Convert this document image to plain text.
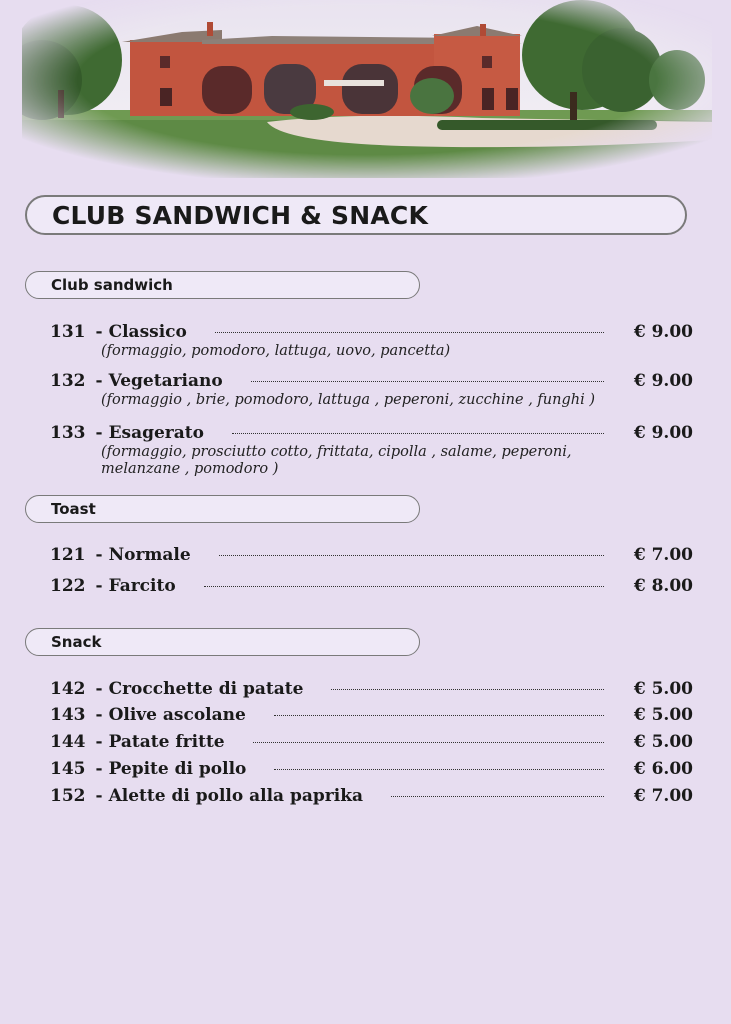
CLUB SANDWICH & SNACK
Club sandwich
131 - Classico	€ 9.00
(formaggio, pomodoro, lattuga, uovo, pancetta)
132 - Vegetariano	€ 9.00
(formaggio , brie, pomodoro, lattuga , peperoni, zucchine , funghi )
133 - Esagerato	€ 9.00
(formaggio, prosciutto cotto, frittata, cipolla , salame, peperoni, melanzane , pomodoro )
Toast
121 - Normale	€ 7.00
122 - Farcito	€ 8.00
Snack
142 - Crocchette di patate	€ 5.00
143 - Olive ascolane	€ 5.00
144 - Patate fritte	€ 5.00
145 - Pepite di pollo	€ 6.00
152 - Alette di pollo alla paprika	€ 7.00
